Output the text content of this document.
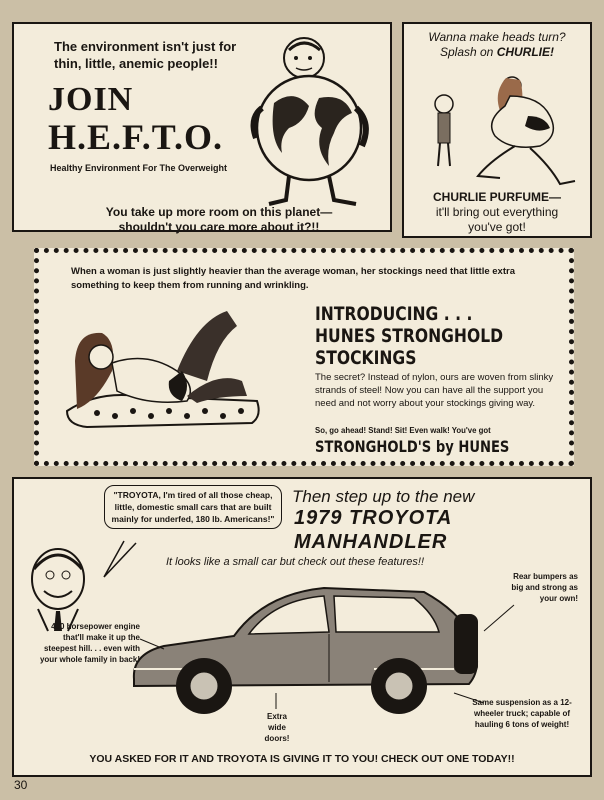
The environment isn't just for thin, little, anemic people!!
JOIN
H.E.F.T.O.
Healthy Environment For The Overweight
You take up more room on this planet—shouldn't you care more about it?!!
Wanna make heads turn?
Splash on CHURLIE!
CHURLIE PURFUME—
it'll bring out everything you've got!
When a woman is just slightly heavier than the average woman, her stockings need that little extra something to keep them from running and wrinkling.
INTRODUCING . . .
HUNES STRONGHOLD
STOCKINGS
The secret? Instead of nylon, ours are woven from slinky strands of steel! Now you can have all the support you need and not worry about your stockings giving way.
So, go ahead! Stand! Sit! Even walk! You've got
STRONGHOLD'S by HUNES
"TROYOTA, I'm tired of all those cheap, little, domestic small cars that are built mainly for underfed, 180 lb. Americans!"
Then step up to the new
1979 TROYOTA
MANHANDLER
It looks like a small car but check out these features!!
Rear bumpers as big and strong as your own!
400 horsepower engine that'll make it up the steepest hill. . . even with your whole family in back!
Extra wide doors!
Same suspension as a 12-wheeler truck; capable of hauling 6 tons of weight!
YOU ASKED FOR IT AND TROYOTA IS GIVING IT TO YOU! CHECK OUT ONE TODAY!!
30
